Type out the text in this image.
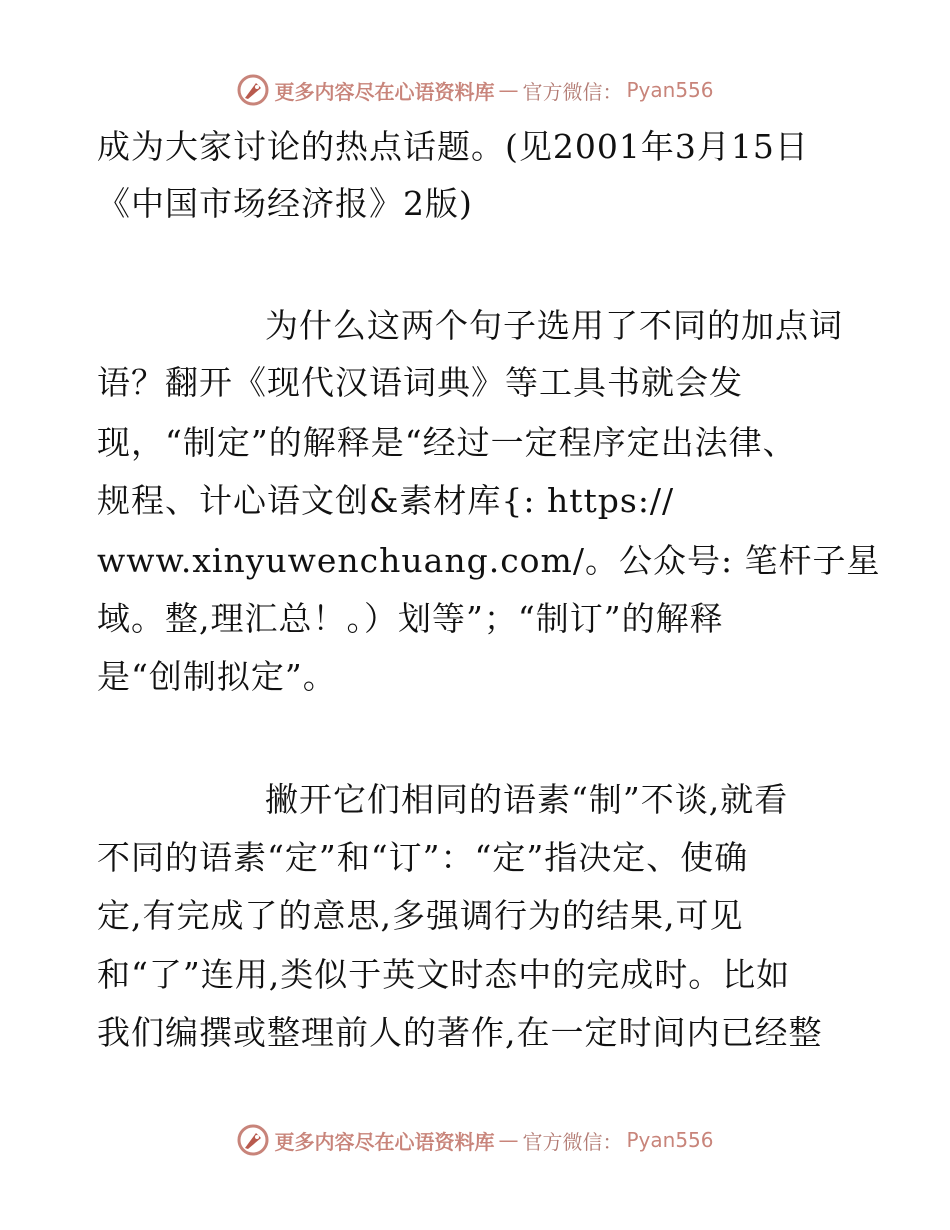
更多内容尽在心语资料库 — 官方微信： Pyan556
成为大家讨论的热点话题。(见2001年3月15日
《中国市场经济报》2版)
为什么这两个句子选用了不同的加点词
语？翻开《现代汉语词典》等工具书就会发
现，“制定”的解释是“经过一定程序定出法律、
规程、计心语文创&素材库{: https://
www.xinyuwenchuang.com/。公众号: 笔杆子星
域。整,理汇总！。）划等”；“制订”的解释
是“创制拟定”。
撇开它们相同的语素“制”不谈,就看
不同的语素“定”和“订”：“定”指决定、使确
定,有完成了的意思,多强调行为的结果,可见
和“了”连用,类似于英文时态中的完成时。比如
我们编撰或整理前人的著作,在一定时间内已经整
更多内容尽在心语资料库 — 官方微信： Pyan556
